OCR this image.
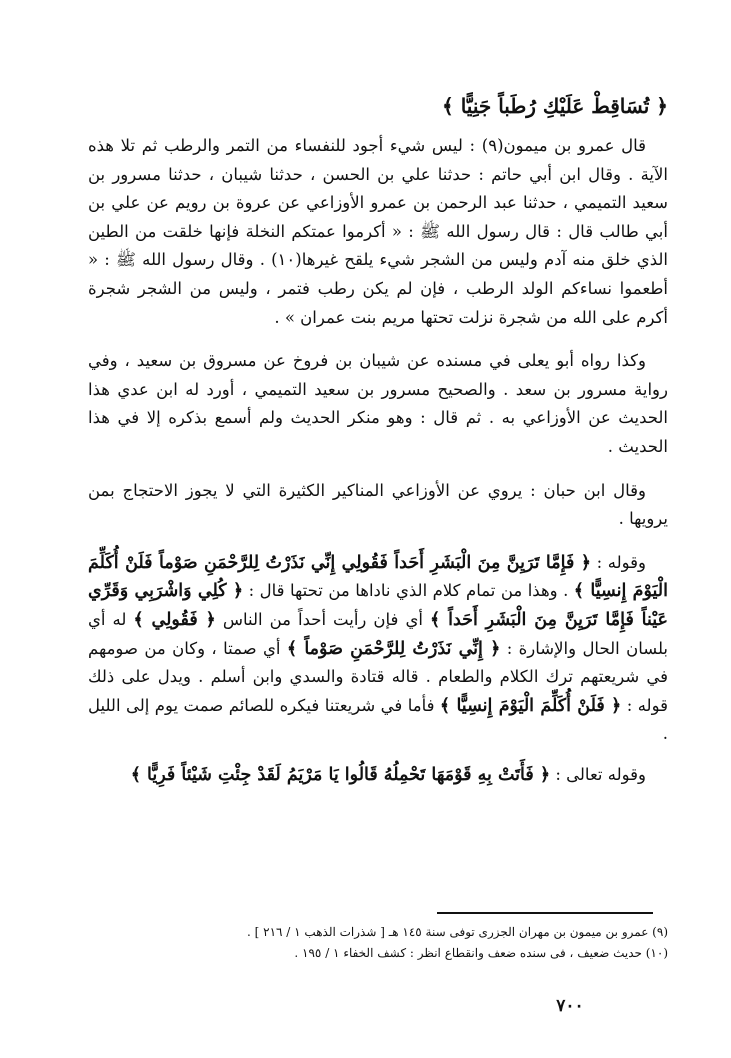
﴿ تُسَاقِطْ عَلَيْكِ رُطَباً جَنِيًّا ﴾

قال عمرو بن ميمون(٩) : ليس شيء أجود للنفساء من التمر والرطب ثم تلا هذه الآية . وقال ابن أبي حاتم : حدثنا علي بن الحسن ، حدثنا شيبان ، حدثنا مسرور بن سعيد التميمي ، حدثنا عبد الرحمن بن عمرو الأوزاعي عن عروة بن رويم عن علي بن أبي طالب قال : قال رسول الله ﷺ : « أكرموا عمتكم النخلة فإنها خلقت من الطين الذي خلق منه آدم وليس من الشجر شيء يلقح غيرها(١٠) . وقال رسول الله ﷺ : « أطعموا نساءكم الولد الرطب ، فإن لم يكن رطب فتمر ، وليس من الشجر شجرة أكرم على الله من شجرة نزلت تحتها مريم بنت عمران » .

وكذا رواه أبو يعلى في مسنده عن شيبان بن فروخ عن مسروق بن سعيد ، وفي رواية مسرور بن سعد . والصحيح مسرور بن سعيد التميمي ، أورد له ابن عدي هذا الحديث عن الأوزاعي به . ثم قال : وهو منكر الحديث ولم أسمع بذكره إلا في هذا الحديث .

وقال ابن حبان : يروي عن الأوزاعي المناكير الكثيرة التي لا يجوز الاحتجاج بمن يرويها .

وقوله : ﴿ فَإِمَّا تَرَيِنَّ مِنَ الْبَشَرِ أَحَداً فَقُولِي إِنِّي نَذَرْتُ لِلرَّحْمَنِ صَوْماً فَلَنْ أُكَلِّمَ الْيَوْمَ إِنسِيًّا ﴾ . وهذا من تمام كلام الذي ناداها من تحتها قال : ﴿ كُلِي وَاشْرَبِي وَقَرِّي عَيْناً فَإِمَّا تَرَيِنَّ مِنَ الْبَشَرِ أَحَداً ﴾ أي فإن رأيت أحداً من الناس ﴿ فَقُولِي ﴾ له أي بلسان الحال والإشارة : ﴿ إِنِّي نَذَرْتُ لِلرَّحْمَنِ صَوْماً ﴾ أي صمتا ، وكان من صومهم في شريعتهم ترك الكلام والطعام . قاله قتادة والسدي وابن أسلم . ويدل على ذلك قوله : ﴿ فَلَنْ أُكَلِّمَ الْيَوْمَ إِنسِيًّا ﴾ فأما في شريعتنا فيكره للصائم صمت يوم إلى الليل .

وقوله تعالى : ﴿ فَأَتَتْ بِهِ قَوْمَهَا تَحْمِلُهُ قَالُوا يَا مَرْيَمُ لَقَدْ جِئْتِ شَيْئاً فَرِيًّا ﴾

(٩) عمرو بن ميمون بن مهران الجزرى توفى سنة ١٤٥ هـ [ شذرات الذهب ١ / ٢١٦ ] .
(١٠) حديث ضعيف ، فى سنده ضعف وانقطاع انظر : كشف الخفاء ١ / ١٩٥ .
٧٠٠
